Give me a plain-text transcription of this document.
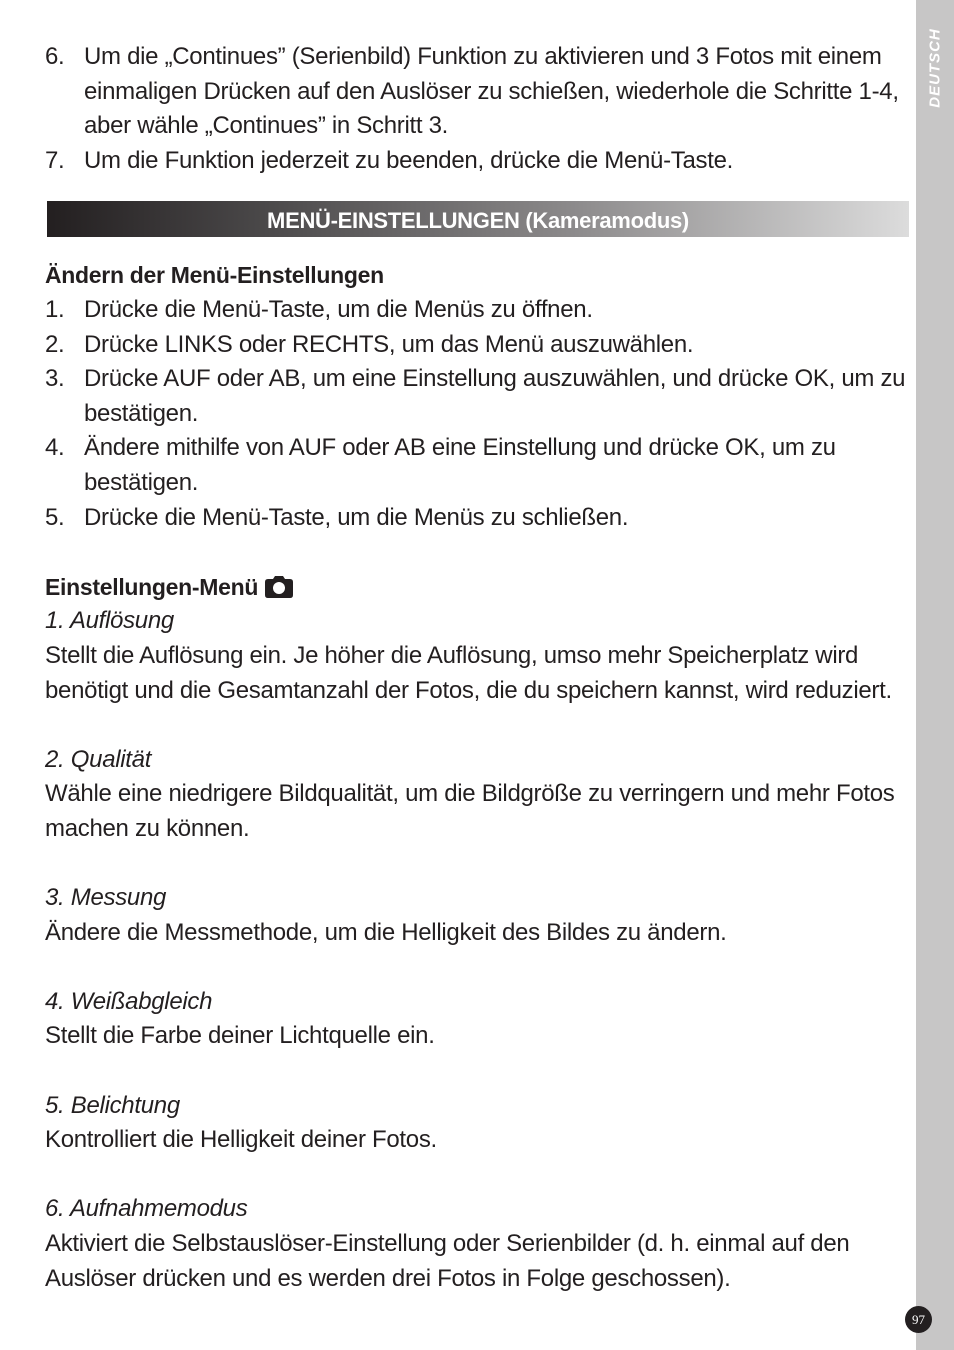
DEUTSCH
6. Um die „Continues” (Serienbild) Funktion zu aktivieren und 3 Fotos mit einem einmaligen Drücken auf den Auslöser zu schießen, wiederhole die Schritte 1-4, aber wähle „Continues” in Schritt 3.
7. Um die Funktion jederzeit zu beenden, drücke die Menü-Taste.
MENÜ-EINSTELLUNGEN (Kameramodus)
Ändern der Menü-Einstellungen
1. Drücke die Menü-Taste, um die Menüs zu öffnen.
2. Drücke LINKS oder RECHTS, um das Menü auszuwählen.
3. Drücke AUF oder AB, um eine Einstellung auszuwählen, und drücke OK, um zu bestätigen.
4. Ändere mithilfe von AUF oder AB eine Einstellung und drücke OK, um zu bestätigen.
5. Drücke die Menü-Taste, um die Menüs zu schließen.
Einstellungen-Menü
1. Auflösung
Stellt die Auflösung ein. Je höher die Auflösung, umso mehr Speicherplatz wird benötigt und die Gesamtanzahl der Fotos, die du speichern kannst, wird reduziert.
2. Qualität
Wähle eine niedrigere Bildqualität, um die Bildgröße zu verringern und mehr Fotos machen zu können.
3. Messung
Ändere die Messmethode, um die Helligkeit des Bildes zu ändern.
4. Weißabgleich
Stellt die Farbe deiner Lichtquelle ein.
5. Belichtung
Kontrolliert die Helligkeit deiner Fotos.
6. Aufnahmemodus
Aktiviert die Selbstauslöser-Einstellung oder Serienbilder (d. h. einmal auf den Auslöser drücken und es werden drei Fotos in Folge geschossen).
97
